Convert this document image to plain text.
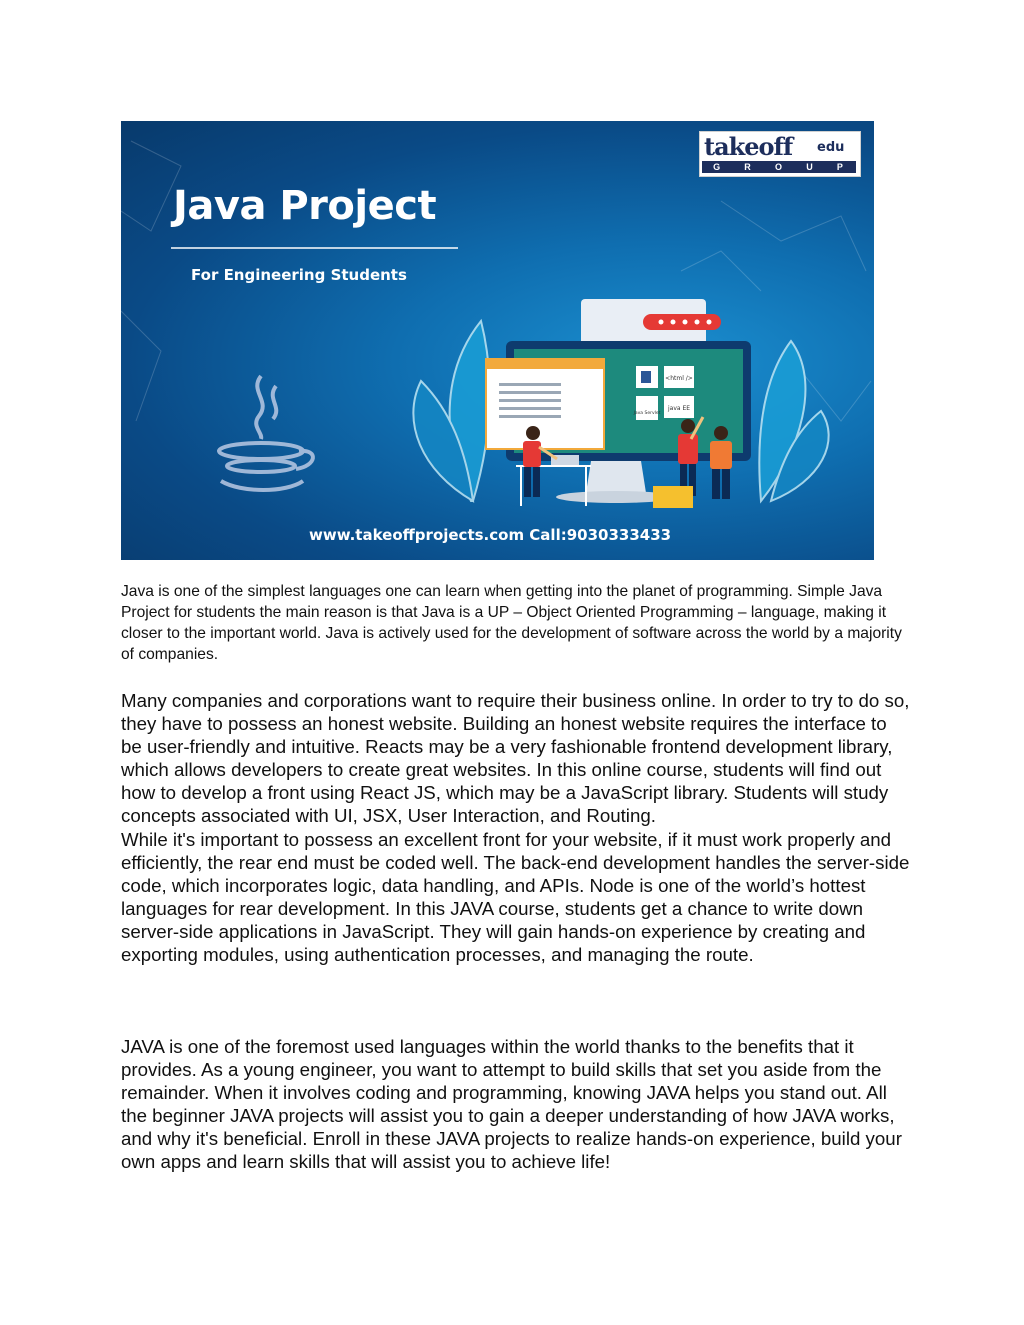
<html />
Java Servlet
java EE
Java Project
For Engineering Students
www.takeoffprojects.com Call:9030333433
takeoff edu
G R O U P

Java is one of the simplest languages one can learn when getting into the planet of programming. Simple Java Project for students the main reason is that Java is a UP – Object Oriented Programming – language, making it closer to the important world. Java is actively used for the development of software across the world by a majority of companies.

Many companies and corporations want to require their business online. In order to try to do so, they have to possess an honest website. Building an honest website requires the interface to be user-friendly and intuitive. Reacts may be a very fashionable frontend development library, which allows developers to create great websites. In this online course, students will find out how to develop a front using React JS, which may be a JavaScript library. Students will study concepts associated with UI, JSX, User Interaction, and Routing.
While it's important to possess an excellent front for your website, if it must work properly and efficiently, the rear end must be coded well. The back-end development handles the server-side code, which incorporates logic, data handling, and APIs. Node is one of the world’s hottest languages for rear development. In this JAVA course, students get a chance to write down server-side applications in JavaScript. They will gain hands-on experience by creating and exporting modules, using authentication processes, and managing the route.

JAVA is one of the foremost used languages within the world thanks to the benefits that it provides. As a young engineer, you want to attempt to build skills that set you aside from the remainder. When it involves coding and programming, knowing JAVA helps you stand out. All the beginner JAVA projects will assist you to gain a deeper understanding of how JAVA works, and why it's beneficial. Enroll in these JAVA projects to realize hands-on experience, build your own apps and learn skills that will assist you to achieve life!
